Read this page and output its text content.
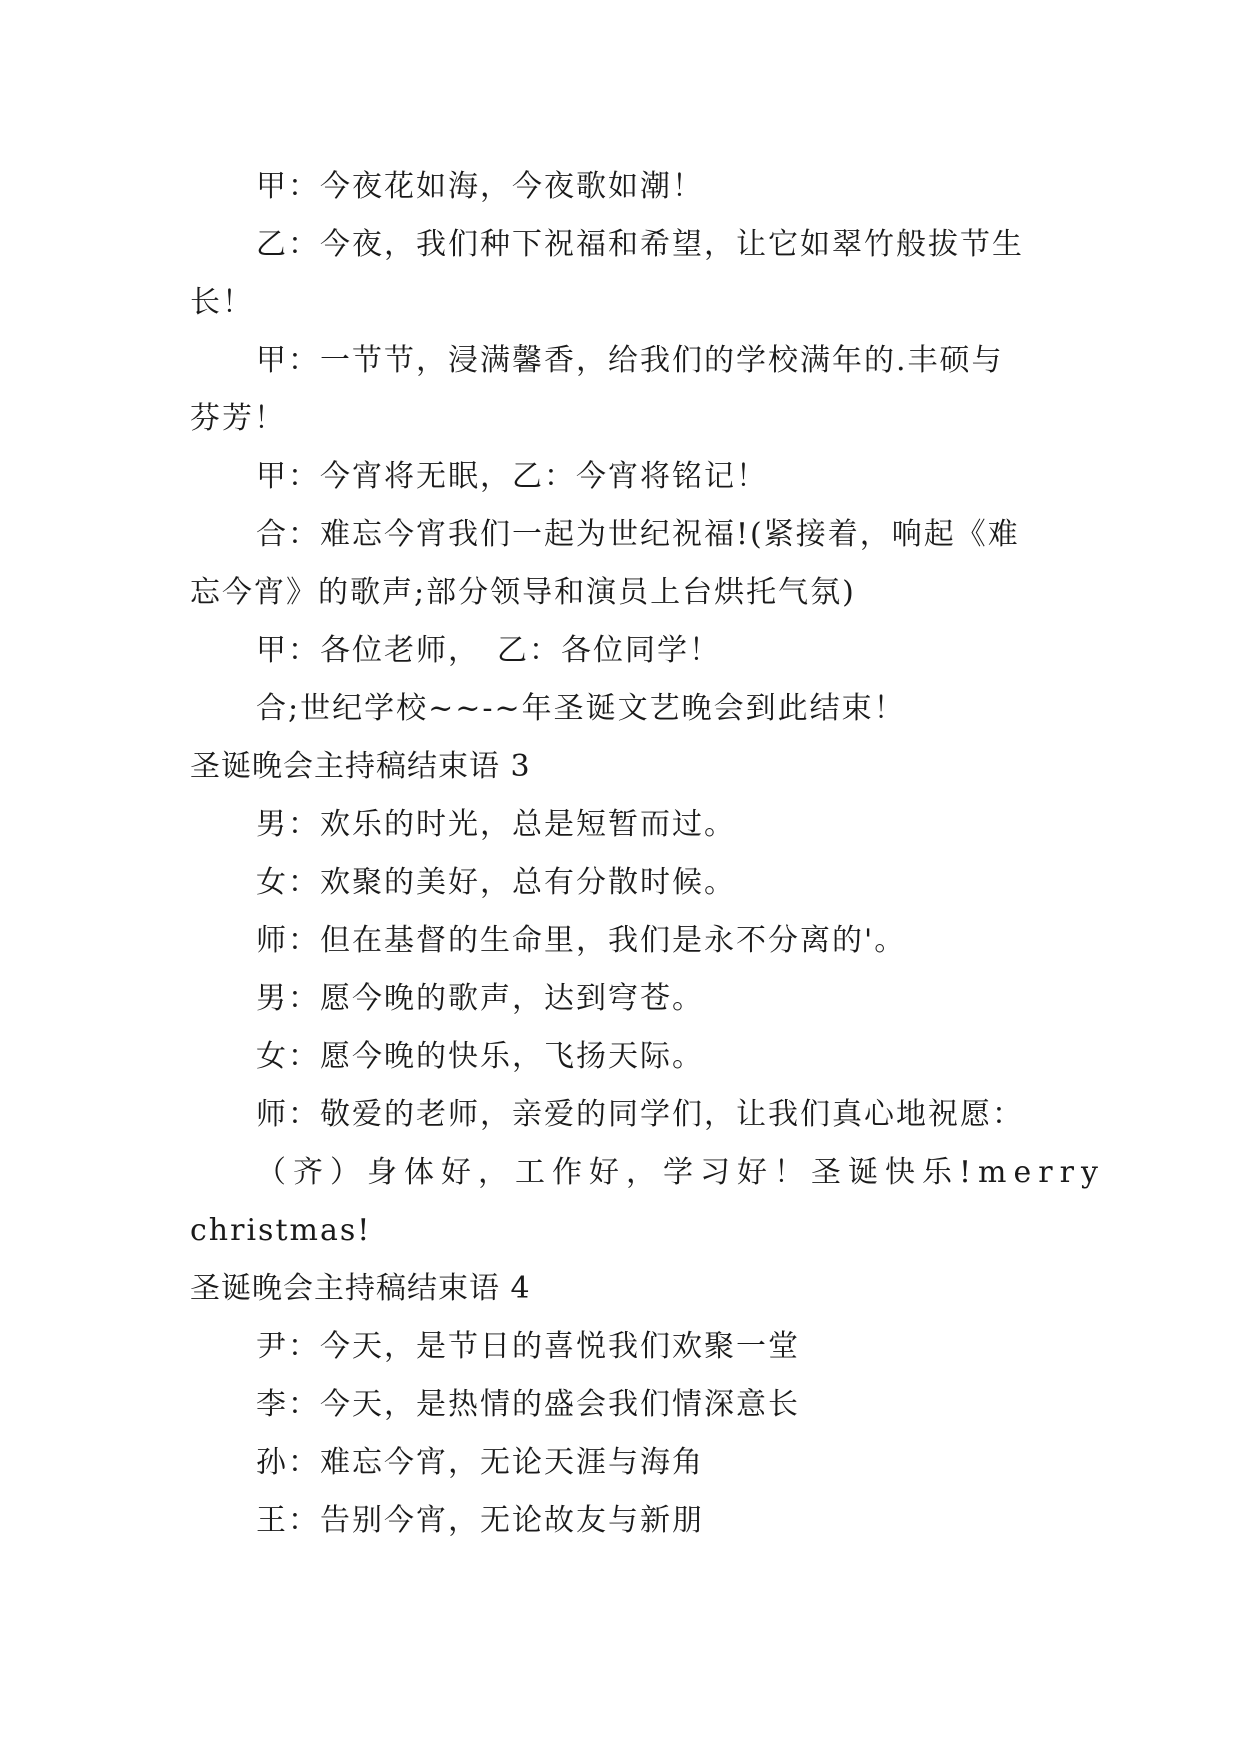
甲：今夜花如海，今夜歌如潮！
乙：今夜，我们种下祝福和希望，让它如翠竹般拔节生
长！
甲：一节节，浸满馨香，给我们的学校满年的.丰硕与
芬芳！
甲：今宵将无眠，乙：今宵将铭记！
合：难忘今宵我们一起为世纪祝福!(紧接着，响起《难
忘今宵》的歌声;部分领导和演员上台烘托气氛)
甲：各位老师，　乙：各位同学！
合;世纪学校~~-~年圣诞文艺晚会到此结束！
圣诞晚会主持稿结束语 3
男：欢乐的时光，总是短暂而过。
女：欢聚的美好，总有分散时候。
师：但在基督的生命里，我们是永不分离的'。
男：愿今晚的歌声，达到穹苍。
女：愿今晚的快乐，飞扬天际。
师：敬爱的老师，亲爱的同学们，让我们真心地祝愿：
（齐）身体好，工作好，学习好！圣诞快乐!merry
christmas!
圣诞晚会主持稿结束语 4
尹：今天，是节日的喜悦我们欢聚一堂
李：今天，是热情的盛会我们情深意长
孙：难忘今宵，无论天涯与海角
王：告别今宵，无论故友与新朋
